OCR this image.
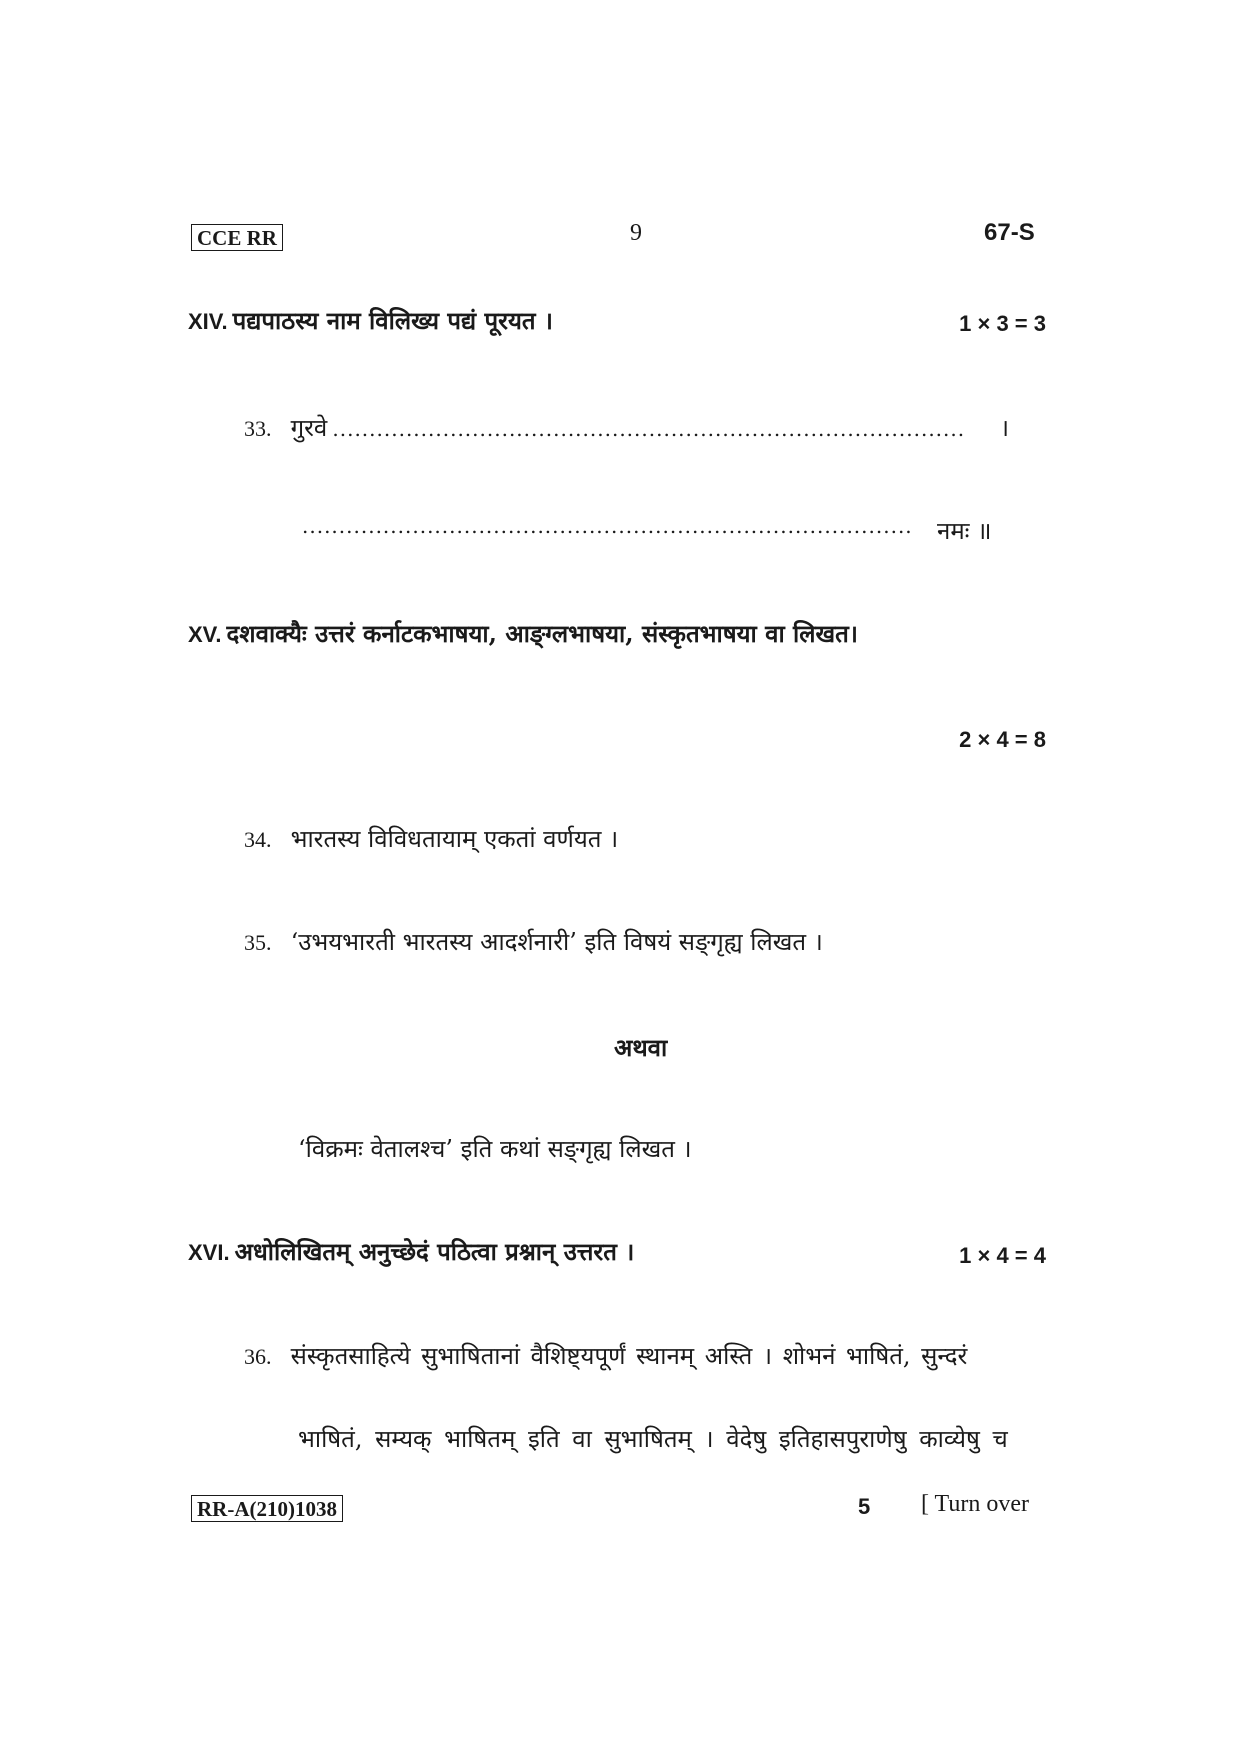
CCE RR	9	67-S
XIV. पद्यपाठस्य नाम विलिख्य पद्यं पूरयत ।	1 × 3 = 3
33. गुरवे ...................................................................................... ।
................................................................................... नमः ॥
XV. दशवाक्यैः उत्तरं कर्नाटकभाषया, आङ्ग्लभाषया, संस्कृतभाषया वा लिखत।
2 × 4 = 8
34. भारतस्य विविधतायाम् एकतां वर्णयत ।
35. ‘उभयभारती भारतस्य आदर्शनारी’ इति विषयं सङ्गृह्य लिखत ।
अथवा
‘विक्रमः वेतालश्च’ इति कथां सङ्गृह्य लिखत ।
XVI. अधोलिखितम् अनुच्छेदं पठित्वा प्रश्नान् उत्तरत ।	1 × 4 = 4
36. संस्कृतसाहित्ये सुभाषितानां वैशिष्ट्यपूर्णं स्थानम् अस्ति । शोभनं भाषितं, सुन्दरं
भाषितं, सम्यक् भाषितम् इति वा सुभाषितम् । वेदेषु इतिहासपुराणेषु काव्येषु च
RR-A(210)1038	5 [ Turn over
